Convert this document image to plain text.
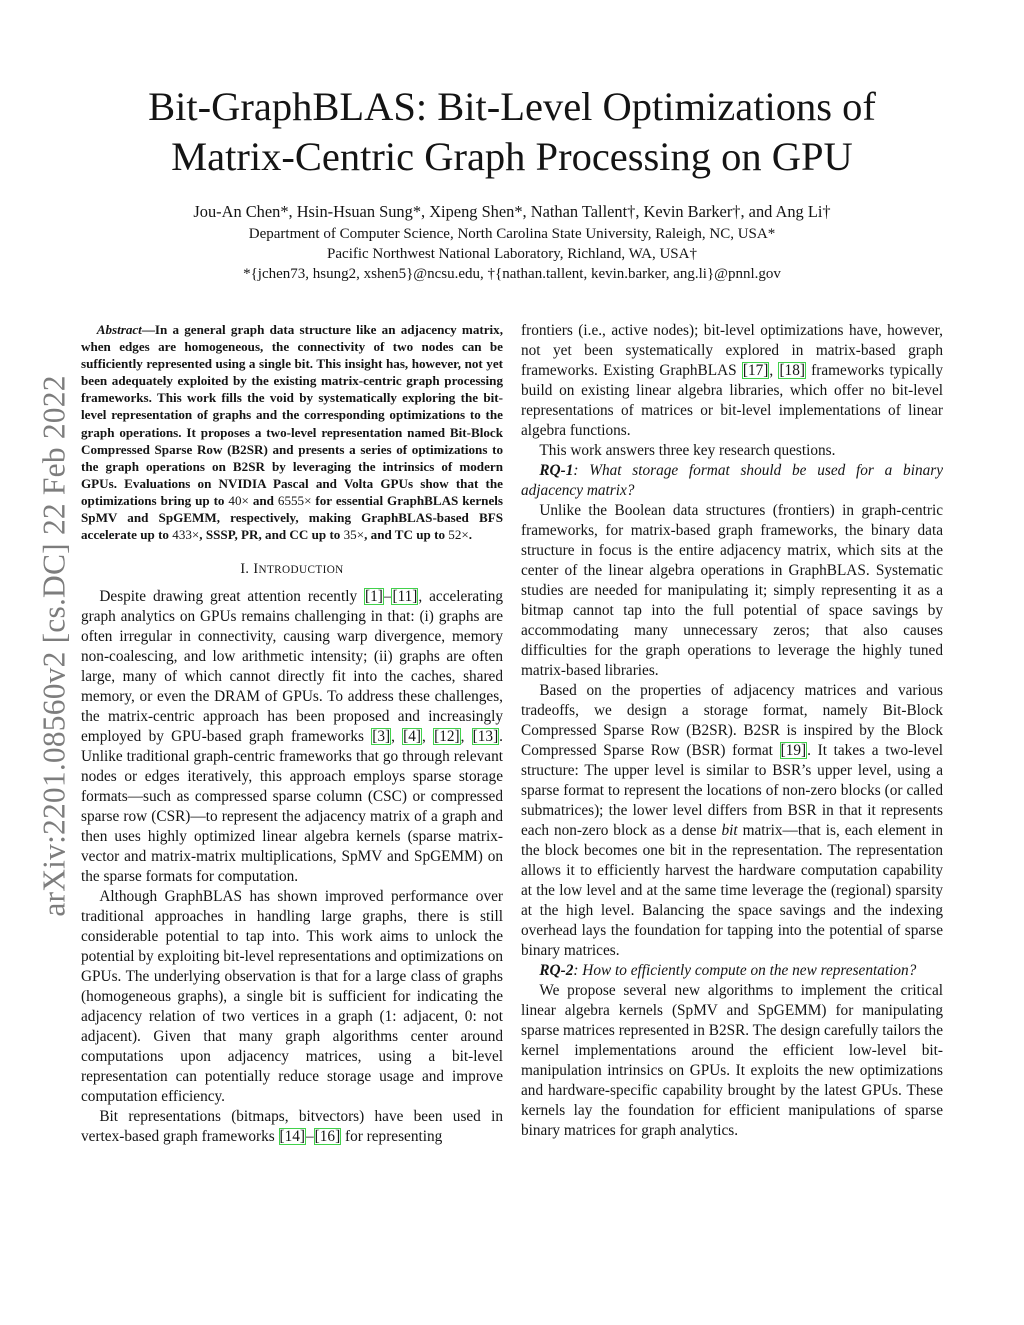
arXiv:2201.08560v2 [cs.DC] 22 Feb 2022
Bit-GraphBLAS: Bit-Level Optimizations of
Matrix-Centric Graph Processing on GPU
Jou-An Chen*, Hsin-Hsuan Sung*, Xipeng Shen*, Nathan Tallent†, Kevin Barker†, and Ang Li†
Department of Computer Science, North Carolina State University, Raleigh, NC, USA*
Pacific Northwest National Laboratory, Richland, WA, USA†
*{jchen73, hsung2, xshen5}@ncsu.edu, †{nathan.tallent, kevin.barker, ang.li}@pnnl.gov

Abstract—In a general graph data structure like an adjacency matrix, when edges are homogeneous, the connectivity of two nodes can be sufficiently represented using a single bit. This insight has, however, not yet been adequately exploited by the existing matrix-centric graph processing frameworks. This work fills the void by systematically exploring the bit-level representation of graphs and the corresponding optimizations to the graph operations. It proposes a two-level representation named Bit-Block Compressed Sparse Row (B2SR) and presents a series of optimizations to the graph operations on B2SR by leveraging the intrinsics of modern GPUs. Evaluations on NVIDIA Pascal and Volta GPUs show that the optimizations bring up to 40× and 6555× for essential GraphBLAS kernels SpMV and SpGEMM, respectively, making GraphBLAS-based BFS accelerate up to 433×, SSSP, PR, and CC up to 35×, and TC up to 52×.

I. INTRODUCTION

Despite drawing great attention recently [1]–[11], accelerating graph analytics on GPUs remains challenging in that: (i) graphs are often irregular in connectivity, causing warp divergence, memory non-coalescing, and low arithmetic intensity; (ii) graphs are often large, many of which cannot directly fit into the caches, shared memory, or even the DRAM of GPUs. To address these challenges, the matrix-centric approach has been proposed and increasingly employed by GPU-based graph frameworks [3], [4], [12], [13]. Unlike traditional graph-centric frameworks that go through relevant nodes or edges iteratively, this approach employs sparse storage formats—such as compressed sparse column (CSC) or compressed sparse row (CSR)—to represent the adjacency matrix of a graph and then uses highly optimized linear algebra kernels (sparse matrix-vector and matrix-matrix multiplications, SpMV and SpGEMM) on the sparse formats for computation.

Although GraphBLAS has shown improved performance over traditional approaches in handling large graphs, there is still considerable potential to tap into. This work aims to unlock the potential by exploiting bit-level representations and optimizations on GPUs. The underlying observation is that for a large class of graphs (homogeneous graphs), a single bit is sufficient for indicating the adjacency relation of two vertices in a graph (1: adjacent, 0: not adjacent). Given that many graph algorithms center around computations upon adjacency matrices, using a bit-level representation can potentially reduce storage usage and improve computation efficiency.

Bit representations (bitmaps, bitvectors) have been used in vertex-based graph frameworks [14]–[16] for representing

frontiers (i.e., active nodes); bit-level optimizations have, however, not yet been systematically explored in matrix-based graph frameworks. Existing GraphBLAS [17], [18] frameworks typically build on existing linear algebra libraries, which offer no bit-level representations of matrices or bit-level implementations of linear algebra functions.

This work answers three key research questions.

RQ-1: What storage format should be used for a binary adjacency matrix?

Unlike the Boolean data structures (frontiers) in graph-centric frameworks, for matrix-based graph frameworks, the binary data structure in focus is the entire adjacency matrix, which sits at the center of the linear algebra operations in GraphBLAS. Systematic studies are needed for manipulating it; simply representing it as a bitmap cannot tap into the full potential of space savings by accommodating many unnecessary zeros; that also causes difficulties for the graph operations to leverage the highly tuned matrix-based libraries.

Based on the properties of adjacency matrices and various tradeoffs, we design a storage format, namely Bit-Block Compressed Sparse Row (B2SR). B2SR is inspired by the Block Compressed Sparse Row (BSR) format [19]. It takes a two-level structure: The upper level is similar to BSR’s upper level, using a sparse format to represent the locations of non-zero blocks (or called submatrices); the lower level differs from BSR in that it represents each non-zero block as a dense bit matrix—that is, each element in the block becomes one bit in the representation. The representation allows it to efficiently harvest the hardware computation capability at the low level and at the same time leverage the (regional) sparsity at the high level. Balancing the space savings and the indexing overhead lays the foundation for tapping into the potential of sparse binary matrices.

RQ-2: How to efficiently compute on the new representation?

We propose several new algorithms to implement the critical linear algebra kernels (SpMV and SpGEMM) for manipulating sparse matrices represented in B2SR. The design carefully tailors the kernel implementations around the efficient low-level bit-manipulation intrinsics on GPUs. It exploits the new optimizations and hardware-specific capability brought by the latest GPUs. These kernels lay the foundation for efficient manipulations of sparse binary matrices for graph analytics.
